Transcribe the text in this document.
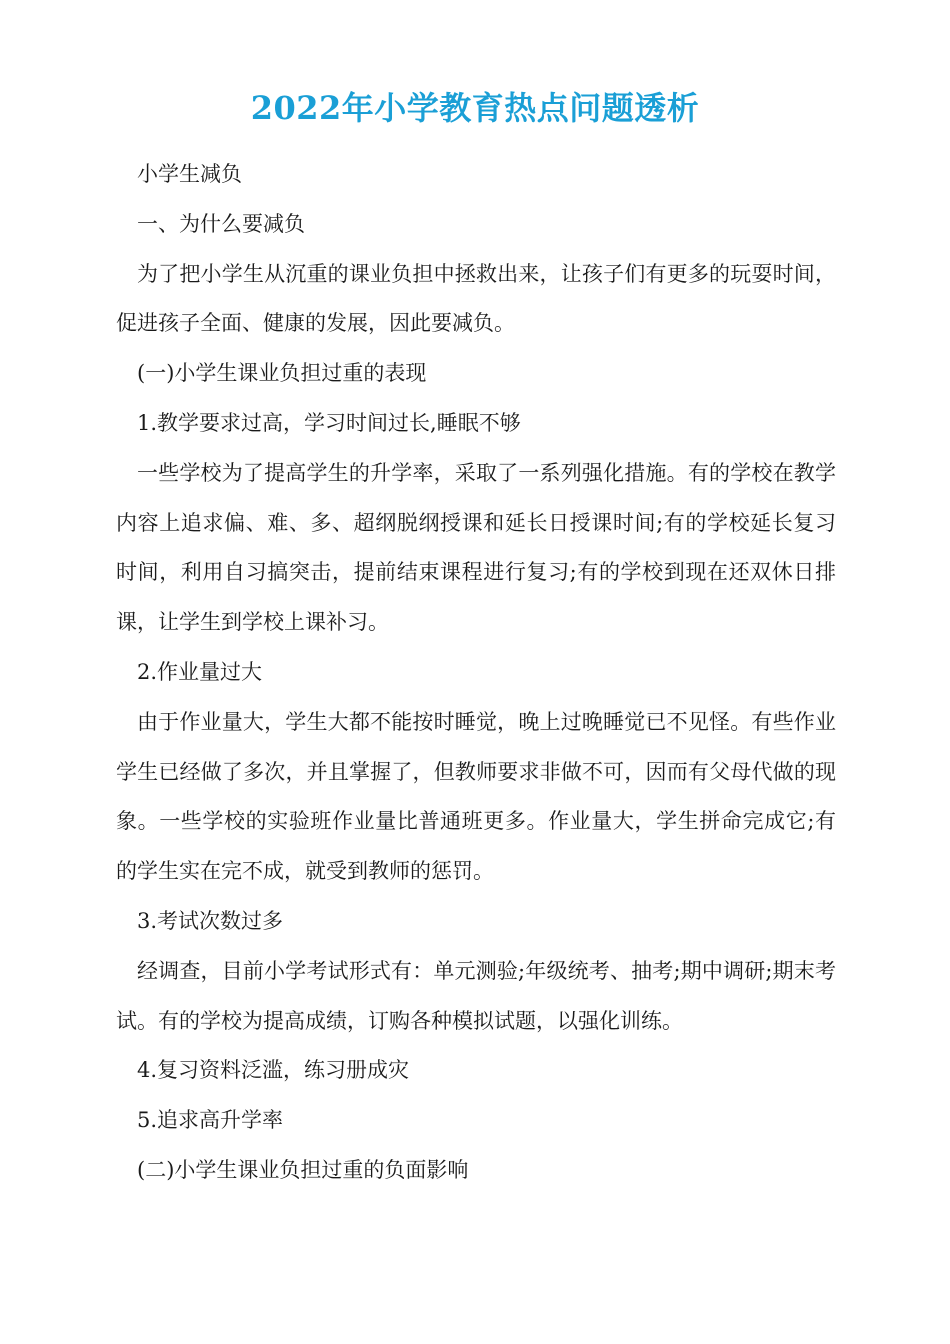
2022年小学教育热点问题透析

小学生减负

一、为什么要减负

为了把小学生从沉重的课业负担中拯救出来，让孩子们有更多的玩耍时间，促进孩子全面、健康的发展，因此要减负。

(一)小学生课业负担过重的表现

1.教学要求过高，学习时间过长,睡眠不够

一些学校为了提高学生的升学率，采取了一系列强化措施。有的学校在教学内容上追求偏、难、多、超纲脱纲授课和延长日授课时间;有的学校延长复习时间，利用自习搞突击，提前结束课程进行复习;有的学校到现在还双休日排课，让学生到学校上课补习。

2.作业量过大

由于作业量大，学生大都不能按时睡觉，晚上过晚睡觉已不见怪。有些作业学生已经做了多次，并且掌握了，但教师要求非做不可，因而有父母代做的现象。一些学校的实验班作业量比普通班更多。作业量大，学生拼命完成它;有的学生实在完不成，就受到教师的惩罚。

3.考试次数过多

经调查，目前小学考试形式有：单元测验;年级统考、抽考;期中调研;期末考试。有的学校为提高成绩，订购各种模拟试题，以强化训练。

4.复习资料泛滥，练习册成灾

5.追求高升学率

(二)小学生课业负担过重的负面影响
